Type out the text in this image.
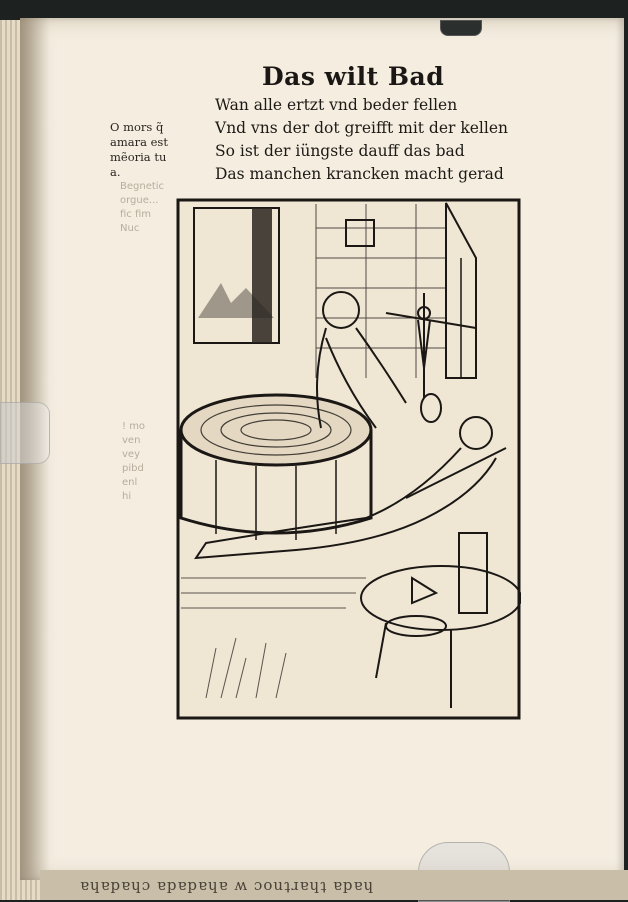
Begnetic
orgue...
fic fim
Nuc

! mo
ven
vey
pibd
enl
hi
Das wilt Bad
Wan alle ertzt vnd beder fellen
Vnd vns der dot greifft mit der kellen
So ist der iüngste dauff das bad
Das manchen krancken macht gerad
O mors q̃
amara est
mẽoria tu
a.
ɐɥɐpɐɥɔ ɐpɐpɐɥɐ ʍ ɔouʇɹɐɥʇ ɐpɐɥ
